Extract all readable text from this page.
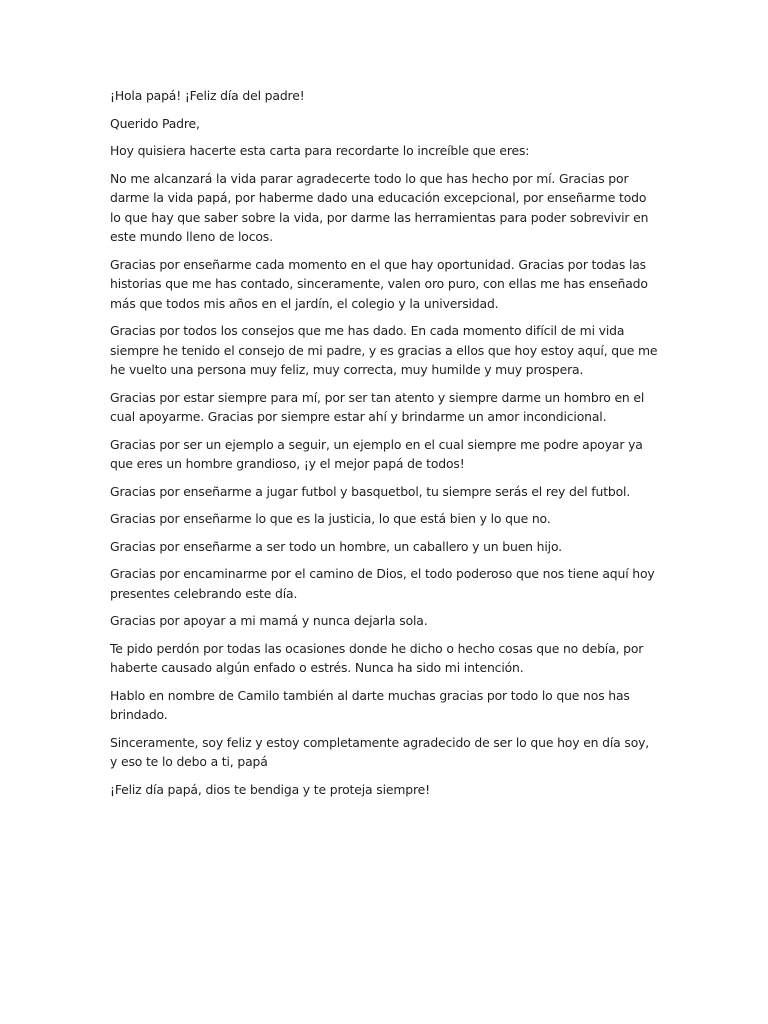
¡Hola papá! ¡Feliz día del padre!

Querido Padre,

Hoy quisiera hacerte esta carta para recordarte lo increíble que eres:

No me alcanzará la vida parar agradecerte todo lo que has hecho por mí. Gracias por darme la vida papá, por haberme dado una educación excepcional, por enseñarme todo lo que hay que saber sobre la vida, por darme las herramientas para poder sobrevivir en este mundo lleno de locos.

Gracias por enseñarme cada momento en el que hay oportunidad. Gracias por todas las historias que me has contado, sinceramente, valen oro puro, con ellas me has enseñado más que todos mis años en el jardín, el colegio y la universidad.

Gracias por todos los consejos que me has dado. En cada momento difícil de mi vida siempre he tenido el consejo de mi padre, y es gracias a ellos que hoy estoy aquí, que me he vuelto una persona muy feliz, muy correcta, muy humilde y muy prospera.

Gracias por estar siempre para mí, por ser tan atento y siempre darme un hombro en el cual apoyarme. Gracias por siempre estar ahí y brindarme un amor incondicional.

Gracias por ser un ejemplo a seguir, un ejemplo en el cual siempre me podre apoyar ya que eres un hombre grandioso, ¡y el mejor papá de todos!

Gracias por enseñarme a jugar futbol y basquetbol, tu siempre serás el rey del futbol.

Gracias por enseñarme lo que es la justicia, lo que está bien y lo que no.

Gracias por enseñarme a ser todo un hombre, un caballero y un buen hijo.

Gracias por encaminarme por el camino de Dios, el todo poderoso que nos tiene aquí hoy presentes celebrando este día.

Gracias por apoyar a mi mamá y nunca dejarla sola.

Te pido perdón por todas las ocasiones donde he dicho o hecho cosas que no debía, por haberte causado algún enfado o estrés. Nunca ha sido mi intención.

Hablo en nombre de Camilo también al darte muchas gracias por todo lo que nos has brindado.

Sinceramente, soy feliz y estoy completamente agradecido de ser lo que hoy en día soy, y eso te lo debo a ti, papá

¡Feliz día papá, dios te bendiga y te proteja siempre!
